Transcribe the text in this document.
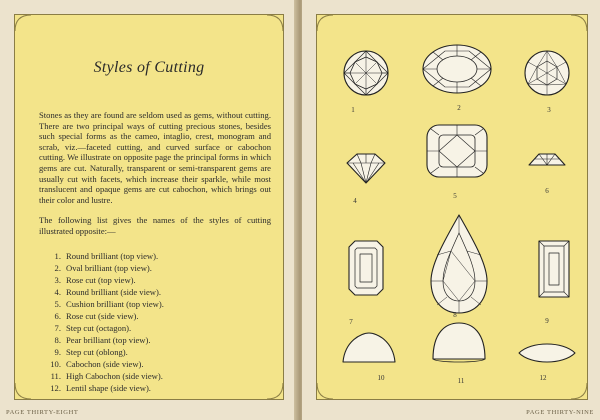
Styles of Cutting

Stones as they are found are seldom used as gems, without cutting. There are two principal ways of cutting precious stones, besides such special forms as the cameo, intaglio, crest, monogram and scrab, viz.—faceted cutting, and curved surface or cabochon cutting. We illustrate on opposite page the principal forms in which gems are cut. Naturally, transparent or semi-transparent gems are usually cut with facets, which increase their sparkle, while most translucent and opaque gems are cut cabochon, which brings out their color and lustre.

The following list gives the names of the styles of cutting illustrated opposite:—

1. Round brilliant (top view).
2. Oval brilliant (top view).
3. Rose cut (top view).
4. Round brilliant (side view).
5. Cushion brilliant (top view).
6. Rose cut (side view).
7. Step cut (octagon).
8. Pear brilliant (top view).
9. Step cut (oblong).
10. Cabochon (side view).
11. High Cabochon (side view).
12. Lentil shape (side view).
PAGE THIRTY-EIGHT
1	2	3
4
5
6
7
8
9
10	11	12
PAGE THIRTY-NINE
